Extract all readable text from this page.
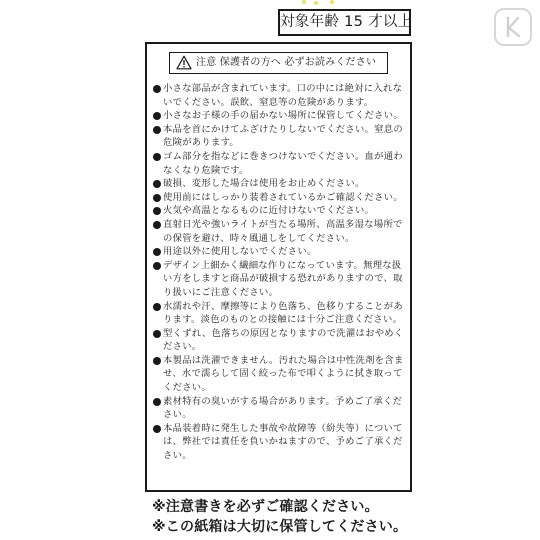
対象年齢 15 才以上
注意 保護者の方へ 必ずお読みください
小さな部品が含まれています。口の中には絶対に入れないでください。誤飲、窒息等の危険があります。
小さなお子様の手の届かない場所に保管してください。
本品を首にかけてふざけたりしないでください。窒息の危険があります。
ゴム部分を指などに巻きつけないでください。血が通わなくなり危険です。
破損、変形した場合は使用をお止めください。
使用前にはしっかり装着されているかご確認ください。
火気や高温となるものに近付けないでください。
直射日光や強いライトが当たる場所、高温多湿な場所での保管を避け、時々風通しをしてください。
用途以外に使用しないでください。
デザイン上細かく繊細な作りになっています。無理な扱い方をしますと商品が破損する恐れがありますので、取り扱いにご注意ください。
水濡れや汗、摩擦等により色落ち、色移りすることがあります。淡色のものとの接触には十分ご注意ください。
型くずれ、色落ちの原因となりますので洗濯はおやめください。
本製品は洗濯できません。汚れた場合は中性洗剤を含ませ、水で濡らして固く絞った布で叩くように拭き取ってください。
素材特有の臭いがする場合があります。予めご了承ください。
本品装着時に発生した事故や故障等（紛失等）については、弊社では責任を負いかねますので、予めご了承ください。
※注意書きを必ずご確認ください。
※この紙箱は大切に保管してください。
